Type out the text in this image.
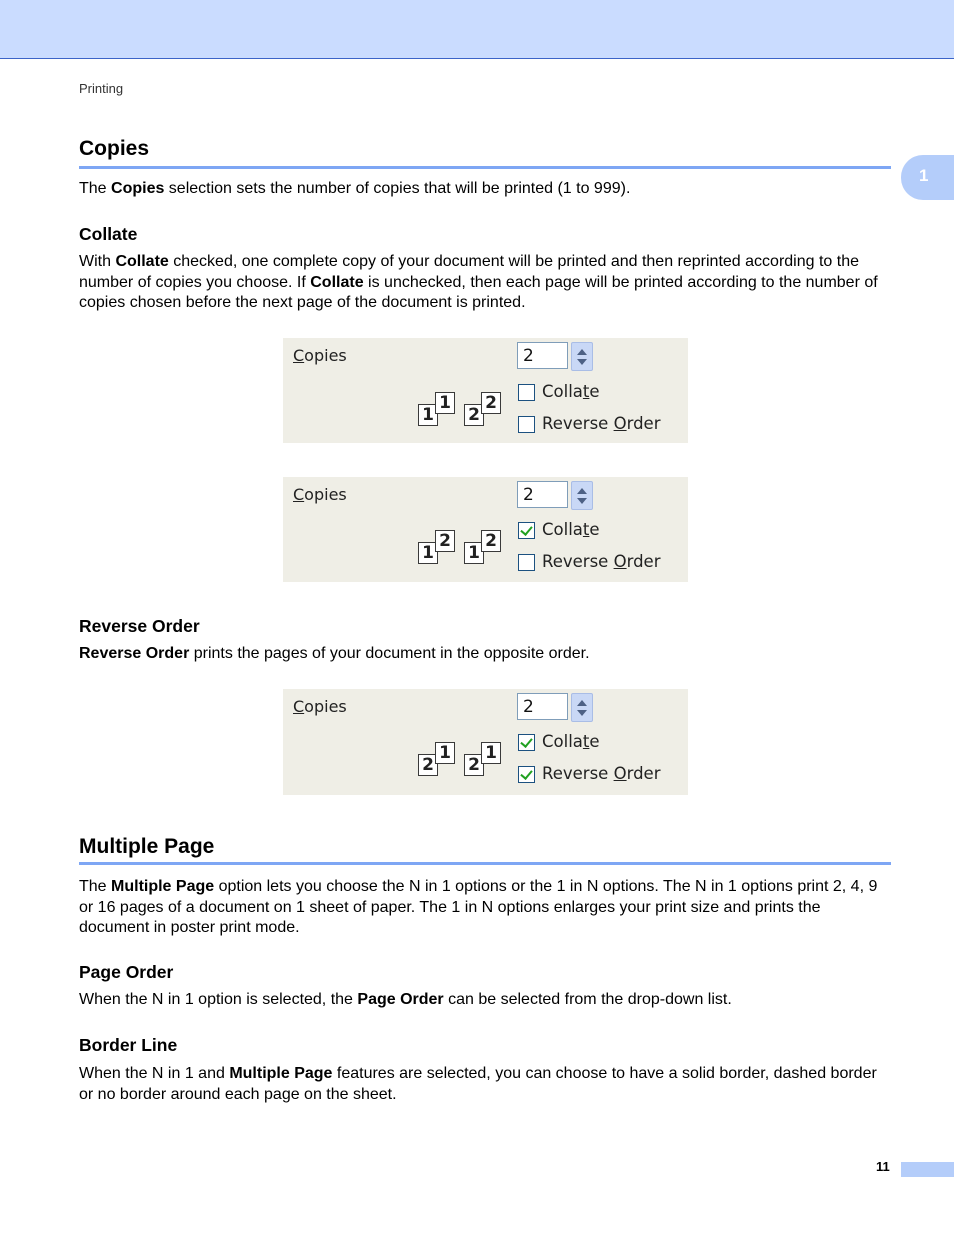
Printing
1
Copies
The Copies selection sets the number of copies that will be printed (1 to 999).
Collate
With Collate checked, one complete copy of your document will be printed and then reprinted according to the number of copies you choose. If Collate is unchecked, then each page will be printed according to the number of copies chosen before the next page of the document is printed.
Copies	2
Collate
Reverse Order
1
1
2
2
Copies	2
Collate
Reverse Order
1
2
1
2
Reverse Order
Reverse Order prints the pages of your document in the opposite order.
Copies	2
Collate
Reverse Order
2
1
2
1
Multiple Page
The Multiple Page option lets you choose the N in 1 options or the 1 in N options. The N in 1 options print 2, 4, 9 or 16 pages of a document on 1 sheet of paper. The 1 in N options enlarges your print size and prints the document in poster print mode.
Page Order
When the N in 1 option is selected, the Page Order can be selected from the drop-down list.
Border Line
When the N in 1 and Multiple Page features are selected, you can choose to have a solid border, dashed border or no border around each page on the sheet.
11
